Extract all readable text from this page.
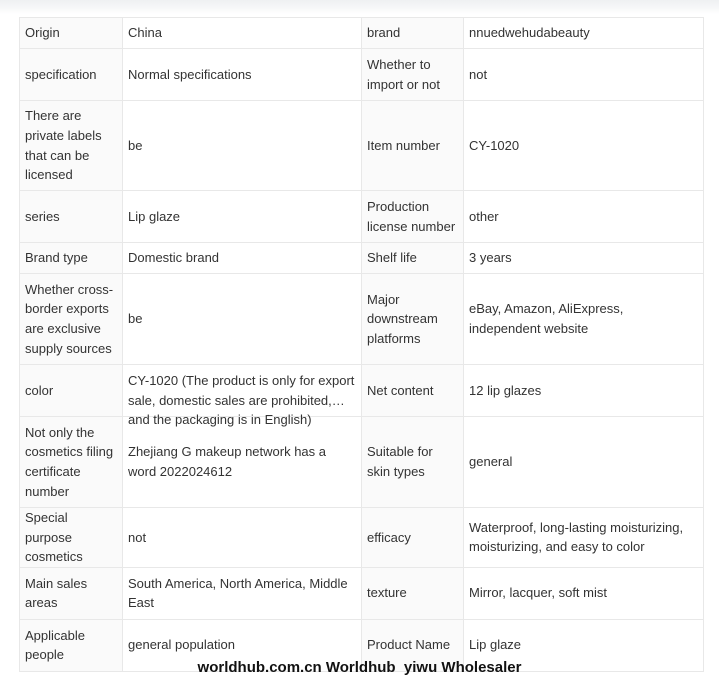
Origin	China	brand	nnuedwehudabeauty
specification	Normal specifications	Whether to import or not	not
There are private labels that can be licensed	be	Item number	CY-1020
series	Lip glaze	Production license number	other
Brand type	Domestic brand	Shelf life	3 years
Whether cross-border exports are exclusive supply sources	be	Major downstream platforms	eBay, Amazon, AliExpress, independent website
color	CY-1020 (The product is only for export sale, domestic sales are prohibited, and the packaging is in English)	Net content	12 lip glazes
Not only the cosmetics filing certificate number	Zhejiang G makeup network has a word 2022024612	Suitable for skin types	general
Special purpose cosmetics	not	efficacy	Waterproof, long-lasting moisturizing, moisturizing, and easy to color
Main sales areas	South America, North America, Middle East	texture	Mirror, lacquer, soft mist
Applicable people	general population	Product Name	Lip glaze
worldhub.com.cn Worldhub  yiwu Wholesaler
